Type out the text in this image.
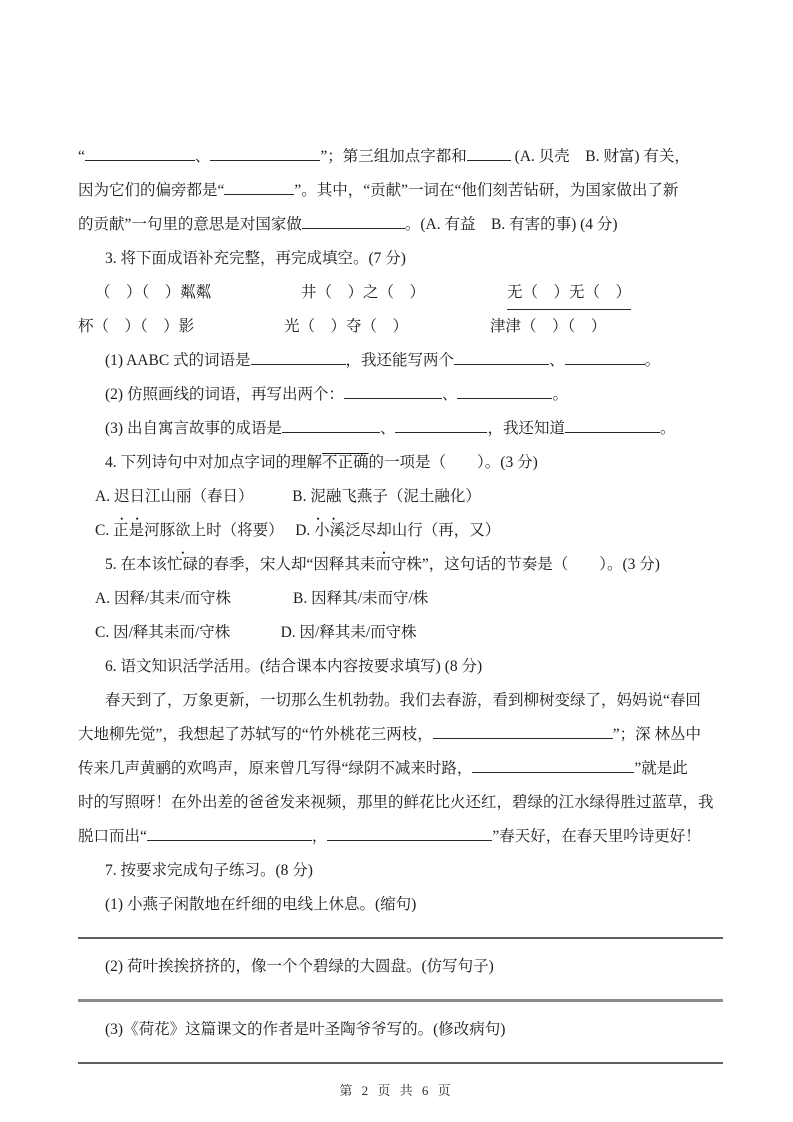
“	、	”；第三组加点字都和	(A. 贝壳　B. 财富) 有关，
因为它们的偏旁都是“	”。其中，“贡献”一词在“他们刻苦钻研，为国家做出了新
的贡献”一句里的意思是对国家做	。(A. 有益　B. 有害的事) (4 分)
3. 将下面成语补充完整，再完成填空。(7 分)
（　）（　）粼粼	井（　）之（　）	无（　）无（　）
杯（　）（　）影	光（　）夺（　）	津津（　）（　）
(1) AABC 式的词语是	，我还能写两个	、	。
(2) 仿照画线的词语，再写出两个：	、	。
(3) 出自寓言故事的成语是	、	，我还知道	。
4. 下列诗句中对加点字词的理解不正确的一项是（　　）。(3 分)
A. 迟日江山丽（春日）　　　B. 泥融飞燕子（泥土融化）
C. 正是河豚欲上时（将要）　 D. 小溪泛尽却山行（再，又）
5. 在本该忙碌的春季，宋人却“因释其耒而守株”，这句话的节奏是（　　）。(3 分)
A. 因释/其耒/而守株　　　　B. 因释其/耒而守/株
C. 因/释其耒而/守株　　　 D. 因/释其耒/而守株
6. 语文知识活学活用。(结合课本内容按要求填写) (8 分)
春天到了，万象更新，一切那么生机勃勃。我们去春游，看到柳树变绿了，妈妈说“春回
大地柳先觉”，我想起了苏轼写的“竹外桃花三两枝，	”；深 林丛中
传来几声黄鹂的欢鸣声，原来曾几写得“绿阴不减来时路，	”就是此
时的写照呀！在外出差的爸爸发来视频，那里的鲜花比火还红，碧绿的江水绿得胜过蓝草，我
脱口而出“	，	”春天好，在春天里吟诗更好！
7. 按要求完成句子练习。(8 分)
(1) 小燕子闲散地在纤细的电线上休息。(缩句)
(2) 荷叶挨挨挤挤的，像一个个碧绿的大圆盘。(仿写句子)
(3)《荷花》这篇课文的作者是叶圣陶爷爷写的。(修改病句)
第 2 页 共 6 页
